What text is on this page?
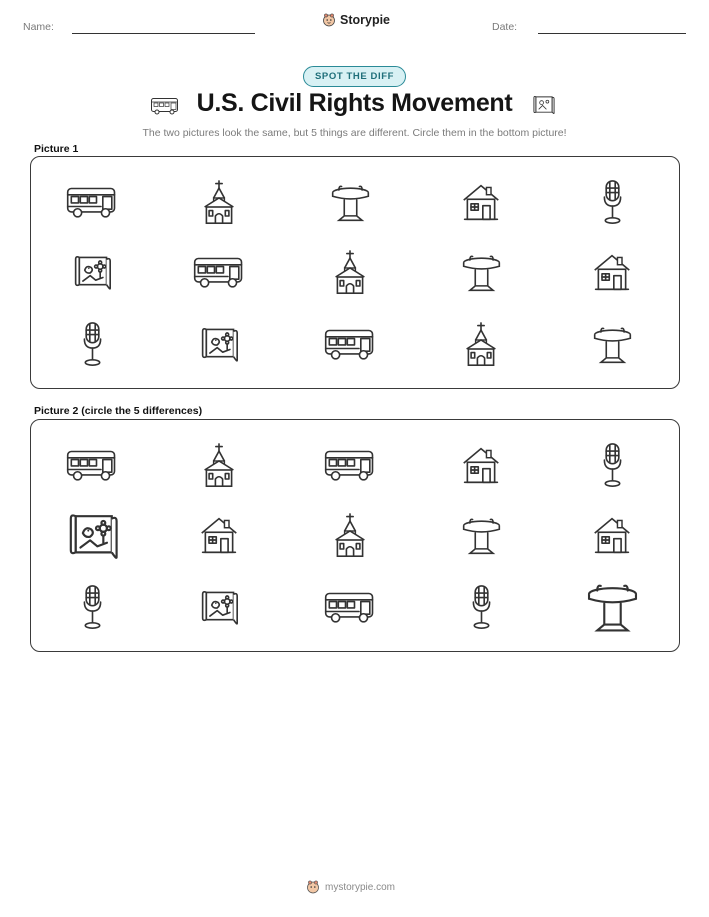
Name:	Storypie	Date:
SPOT THE DIFF
U.S. Civil Rights Movement
The two pictures look the same, but 5 things are different. Circle them in the bottom picture!
Picture 1
Picture 2 (circle the 5 differences)
mystorypie.com
